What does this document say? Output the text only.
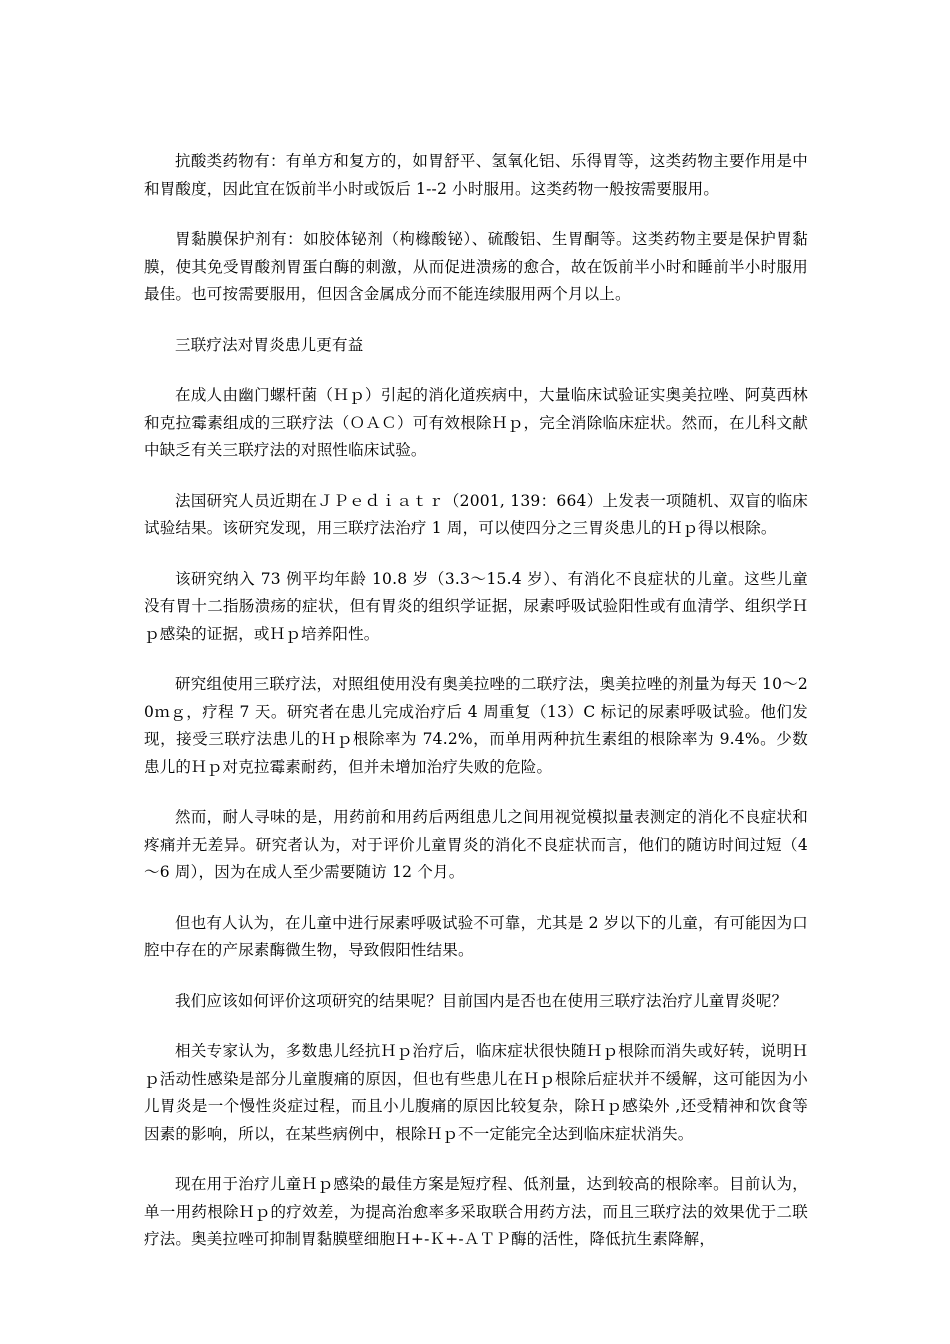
抗酸类药物有：有单方和复方的，如胃舒平、氢氧化铝、乐得胃等，这类药物主要作用是中和胃酸度，因此宜在饭前半小时或饭后 1--2 小时服用。这类药物一般按需要服用。

胃黏膜保护剂有：如胶体铋剂（枸橼酸铋）、硫酸铝、生胃酮等。这类药物主要是保护胃黏膜，使其免受胃酸剂胃蛋白酶的刺激，从而促进溃疡的愈合，故在饭前半小时和睡前半小时服用最佳。也可按需要服用，但因含金属成分而不能连续服用两个月以上。

三联疗法对胃炎患儿更有益

在成人由幽门螺杆菌（Ｈｐ）引起的消化道疾病中，大量临床试验证实奥美拉唑、阿莫西林和克拉霉素组成的三联疗法（ＯＡＣ）可有效根除Ｈｐ，完全消除临床症状。然而，在儿科文献中缺乏有关三联疗法的对照性临床试验。

法国研究人员近期在ＪＰｅｄｉａｔｒ（2001, 139：664）上发表一项随机、双盲的临床试验结果。该研究发现，用三联疗法治疗 1 周，可以使四分之三胃炎患儿的Ｈｐ得以根除。

该研究纳入 73 例平均年龄 10.8 岁（3.3～15.4 岁）、有消化不良症状的儿童。这些儿童没有胃十二指肠溃疡的症状，但有胃炎的组织学证据，尿素呼吸试验阳性或有血清学、组织学Ｈｐ感染的证据，或Ｈｐ培养阳性。

研究组使用三联疗法，对照组使用没有奥美拉唑的二联疗法，奥美拉唑的剂量为每天 10～20ｍｇ，疗程 7 天。研究者在患儿完成治疗后 4 周重复（13）C 标记的尿素呼吸试验。他们发现，接受三联疗法患儿的Ｈｐ根除率为 74.2%，而单用两种抗生素组的根除率为 9.4%。少数患儿的Ｈｐ对克拉霉素耐药，但并未增加治疗失败的危险。

然而，耐人寻味的是，用药前和用药后两组患儿之间用视觉模拟量表测定的消化不良症状和疼痛并无差异。研究者认为，对于评价儿童胃炎的消化不良症状而言，他们的随访时间过短（4～6 周），因为在成人至少需要随访 12 个月。

但也有人认为，在儿童中进行尿素呼吸试验不可靠，尤其是 2 岁以下的儿童，有可能因为口腔中存在的产尿素酶微生物，导致假阳性结果。

我们应该如何评价这项研究的结果呢？目前国内是否也在使用三联疗法治疗儿童胃炎呢？

相关专家认为，多数患儿经抗Ｈｐ治疗后，临床症状很快随Ｈｐ根除而消失或好转，说明Ｈｐ活动性感染是部分儿童腹痛的原因，但也有些患儿在Ｈｐ根除后症状并不缓解，这可能因为小儿胃炎是一个慢性炎症过程，而且小儿腹痛的原因比较复杂，除Ｈｐ感染外 ,还受精神和饮食等因素的影响，所以，在某些病例中，根除Ｈｐ不一定能完全达到临床症状消失。

现在用于治疗儿童Ｈｐ感染的最佳方案是短疗程、低剂量，达到较高的根除率。目前认为，单一用药根除Ｈｐ的疗效差，为提高治愈率多采取联合用药方法，而且三联疗法的效果优于二联疗法。奥美拉唑可抑制胃黏膜壁细胞Ｈ+-Ｋ+-ＡＴＰ酶的活性，降低抗生素降解，
